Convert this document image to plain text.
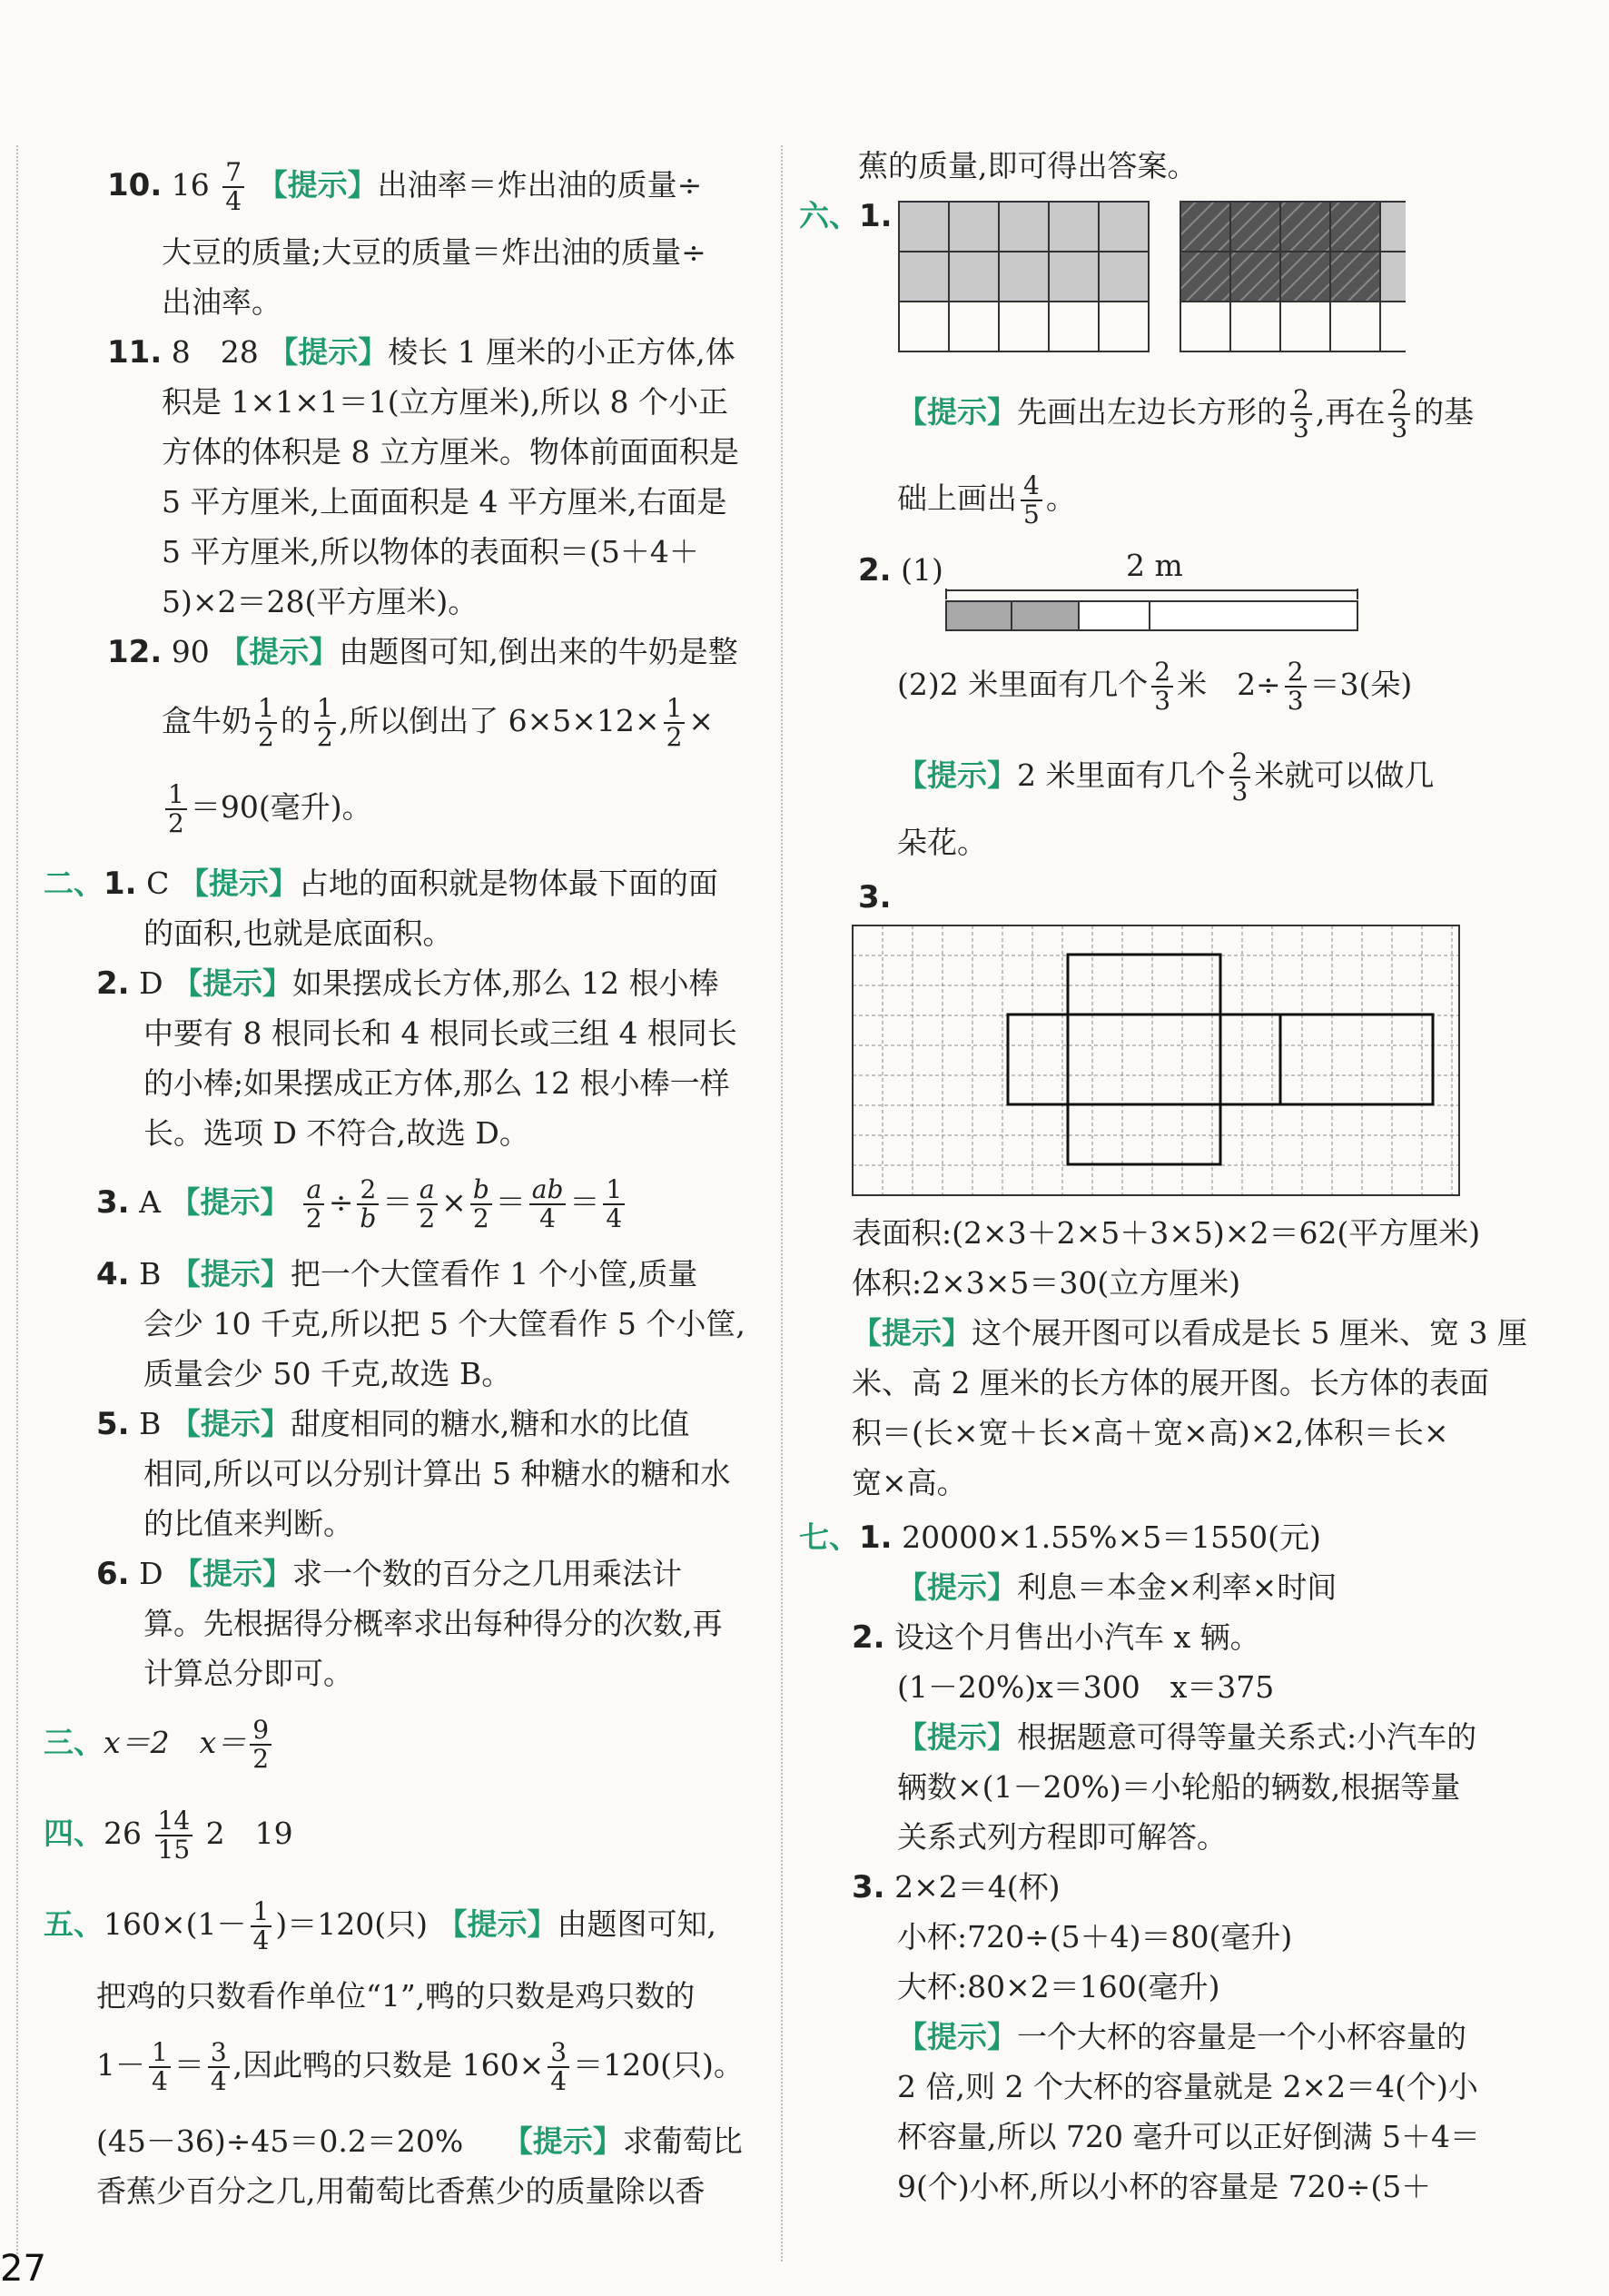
10. $16 \frac{7}{4}$ 【提示】出油率＝炸出油的质量÷
大豆的质量;大豆的质量＝炸出油的质量÷
出油率。
11. 8　28 【提示】棱长 1 厘米的小正方体,体
积是 1×1×1＝1(立方厘米),所以 8 个小正
方体的体积是 8 立方厘米。物体前面面积是
5 平方厘米,上面面积是 4 平方厘米,右面是
5 平方厘米,所以物体的表面积＝(5＋4＋
5)×2＝28(平方厘米)。
12. 90 【提示】由题图可知,倒出来的牛奶是整
盒牛奶 $\frac{1}{2}$ 的 $\frac{1}{2}$ ,所以倒出了 $6\times 5\times 12\times \frac{1}{2}$ ×
$\frac{1}{2} =90$(毫升)。
二、1. C 【提示】占地的面积就是物体最下面的面
的面积,也就是底面积。
2. D 【提示】如果摆成长方体,那么 12 根小棒
中要有 8 根同长和 4 根同长或三组 4 根同长
的小棒;如果摆成正方体,那么 12 根小棒一样
长。选项 D 不符合,故选 D。
3. A 【提示】 $\frac{a}{2} \div \frac{2}{b} = \frac{a}{2} \times \frac{b}{2} = \frac{ab}{4} = \frac{1}{4}$
4. B 【提示】把一个大筐看作 1 个小筐,质量
会少 10 千克,所以把 5 个大筐看作 5 个小筐,
质量会少 50 千克,故选 B。
5. B 【提示】甜度相同的糖水,糖和水的比值
相同,所以可以分别计算出 5 种糖水的糖和水
的比值来判断。
6. D 【提示】求一个数的百分之几用乘法计
算。先根据得分概率求出每种得分的次数,再
计算总分即可。
三、x＝2　$x= \frac{9}{2}$
四、$26 \frac{14}{15} 2$　19
五、$160\times(1- \frac{1}{4} )=120$(只) 【提示】由题图可知,
把鸡的只数看作单位“1”,鸭的只数是鸡只数的
$1- \frac{1}{4} = \frac{3}{4}$ ,因此鸭的只数是 $160\times \frac{3}{4} =120$(只)。
(45－36)÷45＝0.2＝20%　 【提示】求葡萄比
香蕉少百分之几,用葡萄比香蕉少的质量除以香
蕉的质量,即可得出答案。
六、1.
【提示】先画出左边长方形的 $\frac{2}{3}$ ,再在 $\frac{2}{3}$ 的基
础上画出 $\frac{4}{5}$ 。
2. (1)	2 m
(2)2 米里面有几个 $\frac{2}{3}$ 米　$2\div \frac{2}{3} =3$(朵)
【提示】2 米里面有几个 $\frac{2}{3}$ 米就可以做几
朵花。
3.
表面积:(2×3＋2×5＋3×5)×2＝62(平方厘米)
体积:2×3×5＝30(立方厘米)
【提示】这个展开图可以看成是长 5 厘米、宽 3 厘
米、高 2 厘米的长方体的展开图。长方体的表面
积＝(长×宽＋长×高＋宽×高)×2,体积＝长×
宽×高。
七、1. 20000×1.55%×5＝1550(元)
【提示】利息＝本金×利率×时间
2. 设这个月售出小汽车 x 辆。
(1－20%)x＝300　x＝375
【提示】根据题意可得等量关系式:小汽车的
辆数×(1－20%)＝小轮船的辆数,根据等量
关系式列方程即可解答。
3. 2×2＝4(杯)
小杯:720÷(5＋4)＝80(毫升)
大杯:80×2＝160(毫升)
【提示】一个大杯的容量是一个小杯容量的
2 倍,则 2 个大杯的容量就是 2×2＝4(个)小
杯容量,所以 720 毫升可以正好倒满 5＋4＝
9(个)小杯,所以小杯的容量是 720÷(5＋
27
